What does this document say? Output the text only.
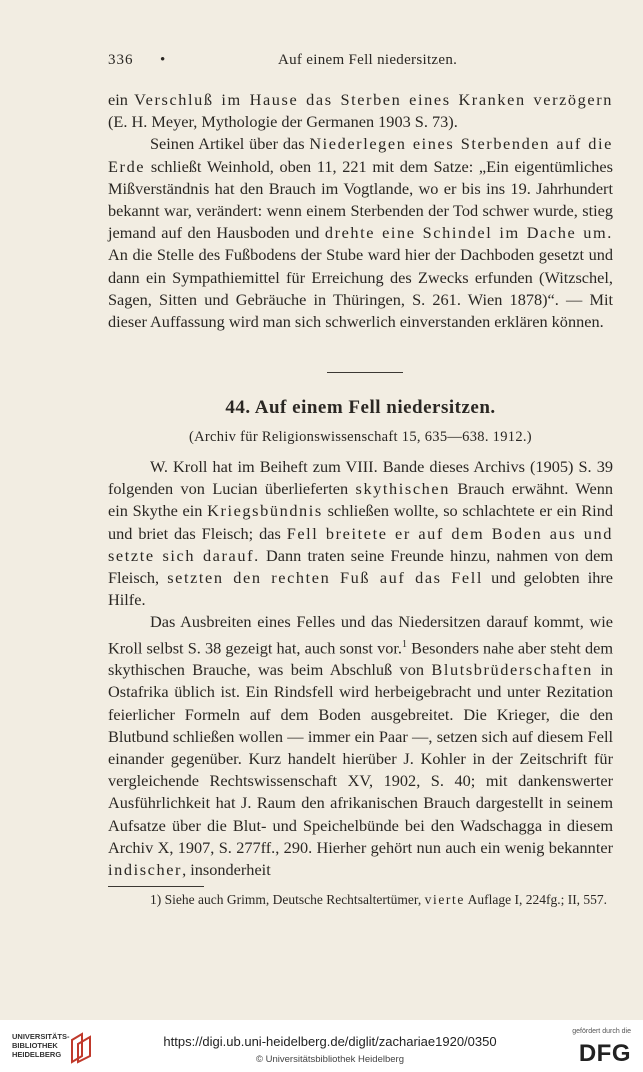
336 •	Auf einem Fell niedersitzen.

ein Verschluß im Hause das Sterben eines Kranken verzögern (E. H. Meyer, Mythologie der Germanen 1903 S. 73).

Seinen Artikel über das Niederlegen eines Sterbenden auf die Erde schließt Weinhold, oben 11, 221 mit dem Satze: „Ein eigentümliches Mißverständnis hat den Brauch im Vogtlande, wo er bis ins 19. Jahrhundert bekannt war, verändert: wenn einem Sterbenden der Tod schwer wurde, stieg jemand auf den Hausboden und drehte eine Schindel im Dache um. An die Stelle des Fußbodens der Stube ward hier der Dachboden gesetzt und dann ein Sympathiemittel für Erreichung des Zwecks erfunden (Witzschel, Sagen, Sitten und Gebräuche in Thüringen, S. 261. Wien 1878)“. — Mit dieser Auffassung wird man sich schwerlich einverstanden erklären können.

44. Auf einem Fell niedersitzen.
(Archiv für Religionswissenschaft 15, 635—638. 1912.)

W. Kroll hat im Beiheft zum VIII. Bande dieses Archivs (1905) S. 39 folgenden von Lucian überlieferten skythischen Brauch erwähnt. Wenn ein Skythe ein Kriegsbündnis schließen wollte, so schlachtete er ein Rind und briet das Fleisch; das Fell breitete er auf dem Boden aus und setzte sich darauf. Dann traten seine Freunde hinzu, nahmen von dem Fleisch, setzten den rechten Fuß auf das Fell und gelobten ihre Hilfe.

Das Ausbreiten eines Felles und das Niedersitzen darauf kommt, wie Kroll selbst S. 38 gezeigt hat, auch sonst vor.$^1$ Besonders nahe aber steht dem skythischen Brauche, was beim Abschluß von Blutsbrüderschaften in Ostafrika üblich ist. Ein Rindsfell wird herbeigebracht und unter Rezitation feierlicher Formeln auf dem Boden ausgebreitet. Die Krieger, die den Blutbund schließen wollen — immer ein Paar —, setzen sich auf diesem Fell einander gegenüber. Kurz handelt hierüber J. Kohler in der Zeitschrift für vergleichende Rechtswissenschaft XV, 1902, S. 40; mit dankenswerter Ausführlichkeit hat J. Raum den afrikanischen Brauch dargestellt in seinem Aufsatze über die Blut- und Speichelbünde bei den Wadschagga in diesem Archiv X, 1907, S. 277ff., 290. Hierher gehört nun auch ein wenig bekannter indischer, insonderheit

1) Siehe auch Grimm, Deutsche Rechtsaltertümer, vierte Auflage I, 224fg.; II, 557.
UNIVERSITÄTS-
BIBLIOTHEK
HEIDELBERG
https://digi.ub.uni-heidelberg.de/diglit/zachariae1920/0350
© Universitätsbibliothek Heidelberg
gefördert durch die
DFG
